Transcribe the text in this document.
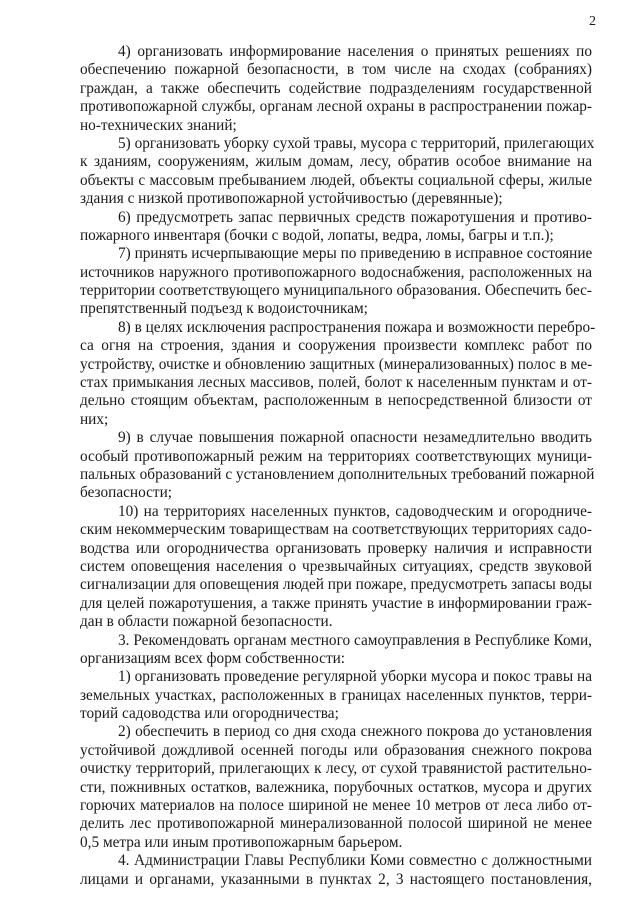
2
4) организовать информирование населения о принятых решениях по
обеспечению пожарной безопасности, в том числе на сходах (собраниях)
граждан, а также обеспечить содействие подразделениям государственной
противопожарной службы, органам лесной охраны в распространении пожар-
но-технических знаний;
5) организовать уборку сухой травы, мусора с территорий, прилегающих
к зданиям, сооружениям, жилым домам, лесу, обратив особое внимание на
объекты с массовым пребыванием людей, объекты социальной сферы, жилые
здания с низкой противопожарной устойчивостью (деревянные);
6) предусмотреть запас первичных средств пожаротушения и противо-
пожарного инвентаря (бочки с водой, лопаты, ведра, ломы, багры и т.п.);
7) принять исчерпывающие меры по приведению в исправное состояние
источников наружного противопожарного водоснабжения, расположенных на
территории соответствующего муниципального образования. Обеспечить бес-
препятственный подъезд к водоисточникам;
8) в целях исключения распространения пожара и возможности перебро-
са огня на строения, здания и сооружения произвести комплекс работ по
устройству, очистке и обновлению защитных (минерализованных) полос в ме-
стах примыкания лесных массивов, полей, болот к населенным пунктам и от-
дельно стоящим объектам, расположенным в непосредственной близости от
них;
9) в случае повышения пожарной опасности незамедлительно вводить
особый противопожарный режим на территориях соответствующих муници-
пальных образований с установлением дополнительных требований пожарной
безопасности;
10) на территориях населенных пунктов, садоводческим и огородниче-
ским некоммерческим товариществам на соответствующих территориях садо-
водства или огородничества организовать проверку наличия и исправности
систем оповещения населения о чрезвычайных ситуациях, средств звуковой
сигнализации для оповещения людей при пожаре, предусмотреть запасы воды
для целей пожаротушения, а также принять участие в информировании граж-
дан в области пожарной безопасности.
3. Рекомендовать органам местного самоуправления в Республике Коми,
организациям всех форм собственности:
1) организовать проведение регулярной уборки мусора и покос травы на
земельных участках, расположенных в границах населенных пунктов, терри-
торий садоводства или огородничества;
2) обеспечить в период со дня схода снежного покрова до установления
устойчивой дождливой осенней погоды или образования снежного покрова
очистку территорий, прилегающих к лесу, от сухой травянистой растительно-
сти, пожнивных остатков, валежника, порубочных остатков, мусора и других
горючих материалов на полосе шириной не менее 10 метров от леса либо от-
делить лес противопожарной минерализованной полосой шириной не менее
0,5 метра или иным противопожарным барьером.
4. Администрации Главы Республики Коми совместно с должностными
лицами и органами, указанными в пунктах 2, 3 настоящего постановления,
